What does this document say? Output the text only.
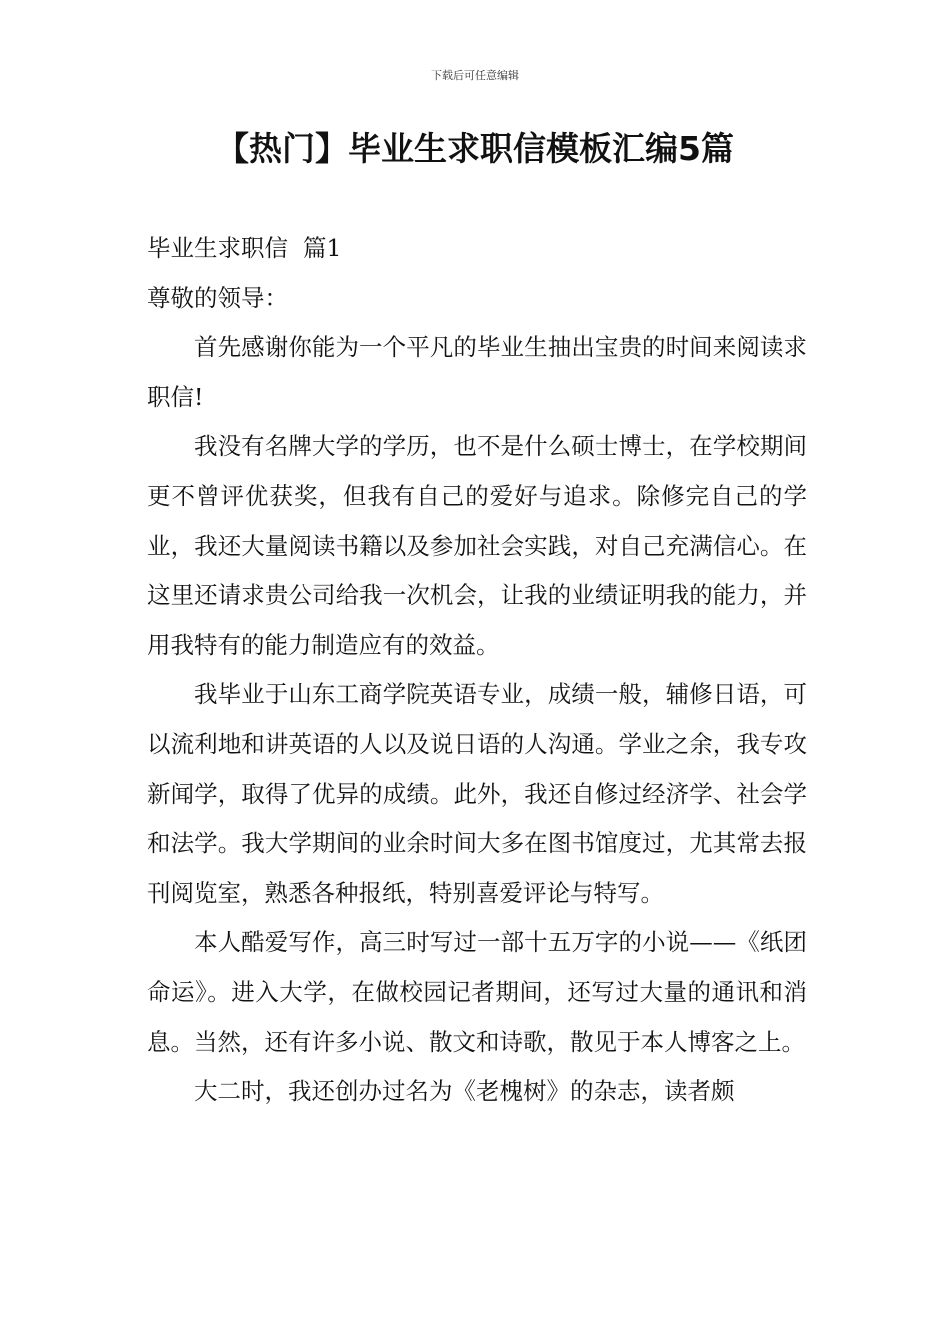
下载后可任意编辑
【热门】毕业生求职信模板汇编5篇

毕业生求职信  篇1

尊敬的领导：

首先感谢你能为一个平凡的毕业生抽出宝贵的时间来阅读求职信!

我没有名牌大学的学历，也不是什么硕士博士，在学校期间更不曾评优获奖，但我有自己的爱好与追求。除修完自己的学业，我还大量阅读书籍以及参加社会实践，对自己充满信心。在这里还请求贵公司给我一次机会，让我的业绩证明我的能力，并用我特有的能力制造应有的效益。

我毕业于山东工商学院英语专业，成绩一般，辅修日语，可以流利地和讲英语的人以及说日语的人沟通。学业之余，我专攻新闻学，取得了优异的成绩。此外，我还自修过经济学、社会学和法学。我大学期间的业余时间大多在图书馆度过，尤其常去报刊阅览室，熟悉各种报纸，特别喜爱评论与特写。

本人酷爱写作，高三时写过一部十五万字的小说——《纸团命运》。进入大学，在做校园记者期间，还写过大量的通讯和消息。当然，还有许多小说、散文和诗歌，散见于本人博客之上。

大二时，我还创办过名为《老槐树》的杂志，读者颇
